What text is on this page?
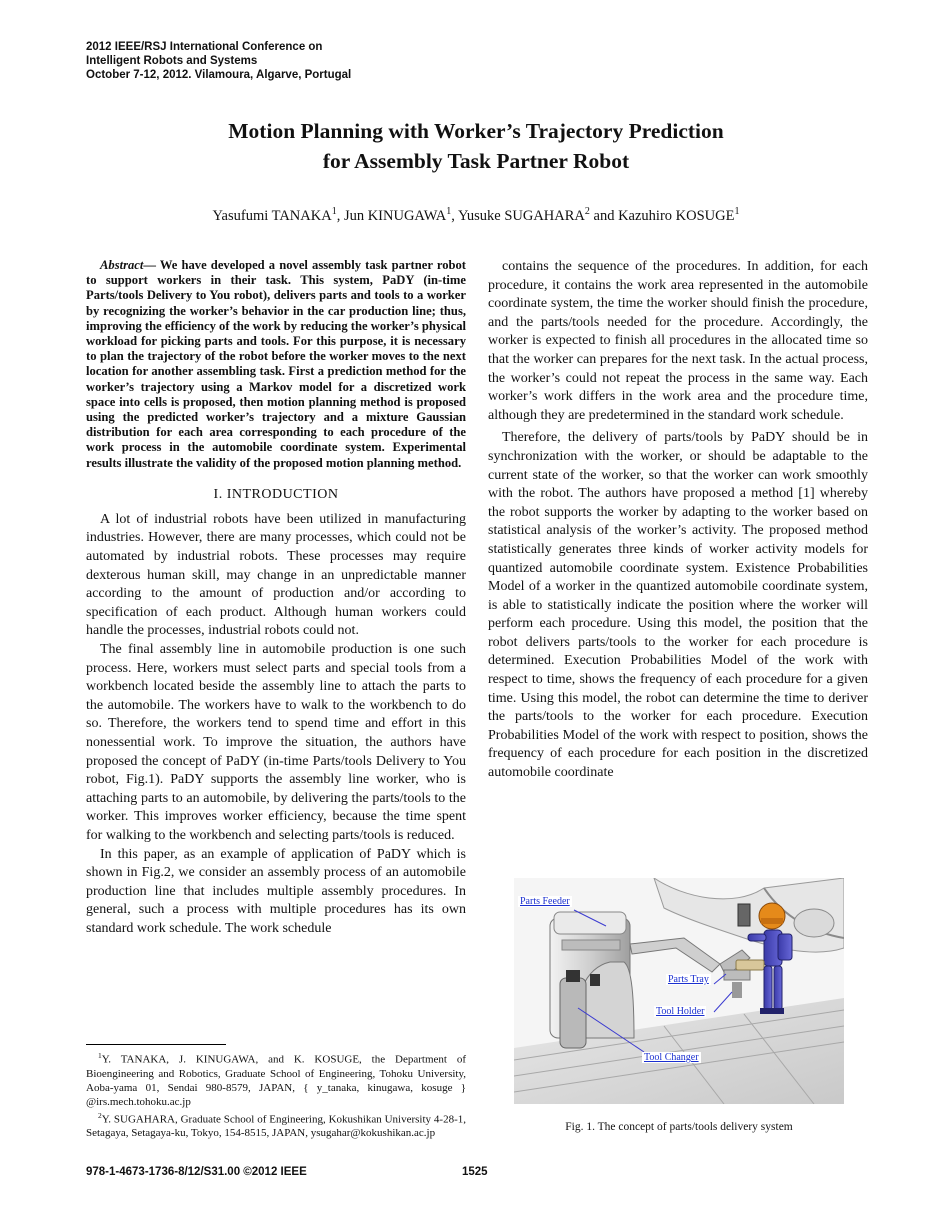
2012 IEEE/RSJ International Conference on
Intelligent Robots and Systems
October 7-12, 2012. Vilamoura, Algarve, Portugal
Motion Planning with Worker’s Trajectory Prediction
for Assembly Task Partner Robot
Yasufumi TANAKA$^1$, Jun KINUGAWA$^1$, Yusuke SUGAHARA$^2$ and Kazuhiro KOSUGE$^1$

Abstract— We have developed a novel assembly task partner robot to support workers in their task. This system, PaDY (in-time Parts/tools Delivery to You robot), delivers parts and tools to a worker by recognizing the worker’s behavior in the car production line; thus, improving the efficiency of the work by reducing the worker’s physical workload for picking parts and tools. For this purpose, it is necessary to plan the trajectory of the robot before the worker moves to the next location for another assembling task. First a prediction method for the worker’s trajectory using a Markov model for a discretized work space into cells is proposed, then motion planning method is proposed using the predicted worker’s trajectory and a mixture Gaussian distribution for each area corresponding to each procedure of the work process in the automobile coordinate system. Experimental results illustrate the validity of the proposed motion planning method.

I. INTRODUCTION

A lot of industrial robots have been utilized in manufacturing industries. However, there are many processes, which could not be automated by industrial robots. These processes may require dexterous human skill, may change in an unpredictable manner according to the amount of production and/or according to specification of each product. Although human workers could handle the processes, industrial robots could not.

The final assembly line in automobile production is one such process. Here, workers must select parts and special tools from a workbench located beside the assembly line to attach the parts to the automobile. The workers have to walk to the workbench to do so. Therefore, the workers tend to spend time and effort in this nonessential work. To improve the situation, the authors have proposed the concept of PaDY (in-time Parts/tools Delivery to You robot, Fig.1). PaDY supports the assembly line worker, who is attaching parts to an automobile, by delivering the parts/tools to the worker. This improves worker efficiency, because the time spent for walking to the workbench and selecting parts/tools is reduced.

In this paper, as an example of application of PaDY which is shown in Fig.2, we consider an assembly process of an automobile production line that includes multiple assembly procedures. In general, such a process with multiple procedures has its own standard work schedule. The work schedule

$^1$Y. TANAKA, J. KINUGAWA, and K. KOSUGE, the Department of Bioengineering and Robotics, Graduate School of Engineering, Tohoku University, Aoba-yama 01, Sendai 980-8579, JAPAN, { y_tanaka, kinugawa, kosuge } @irs.mech.tohoku.ac.jp

$^2$Y. SUGAHARA, Graduate School of Engineering, Kokushikan University 4-28-1, Setagaya, Setagaya-ku, Tokyo, 154-8515, JAPAN, ysugahar@kokushikan.ac.jp

contains the sequence of the procedures. In addition, for each procedure, it contains the work area represented in the automobile coordinate system, the time the worker should finish the procedure, and the parts/tools needed for the procedure. Accordingly, the worker is expected to finish all procedures in the allocated time so that the worker can prepares for the next task. In the actual process, the worker’s could not repeat the process in the same way. Each worker’s work differs in the work area and the procedure time, although they are predetermined in the standard work schedule.

Therefore, the delivery of parts/tools by PaDY should be in synchronization with the worker, or should be adaptable to the current state of the worker, so that the worker can work smoothly with the robot. The authors have proposed a method [1] whereby the robot supports the worker by adapting to the worker based on statistical analysis of the worker’s activity. The proposed method statistically generates three kinds of worker activity models for quantized automobile coordinate system. Existence Probabilities Model of a worker in the quantized automobile coordinate system, is able to statistically indicate the position where the worker will perform each procedure. Using this model, the position that the robot delivers parts/tools to the worker for each procedure is determined. Execution Probabilities Model of the work with respect to time, shows the frequency of each procedure for a given time. Using this model, the robot can determine the time to deriver the parts/tools to the worker for each procedure. Execution Probabilities Model of the work with respect to position, shows the frequency of each procedure for each position in the discretized automobile coordinate

Parts Feeder
Parts Tray
Tool Holder
Tool Changer
Fig. 1. The concept of parts/tools delivery system
978-1-4673-1736-8/12/S31.00 ©2012 IEEE	1525
